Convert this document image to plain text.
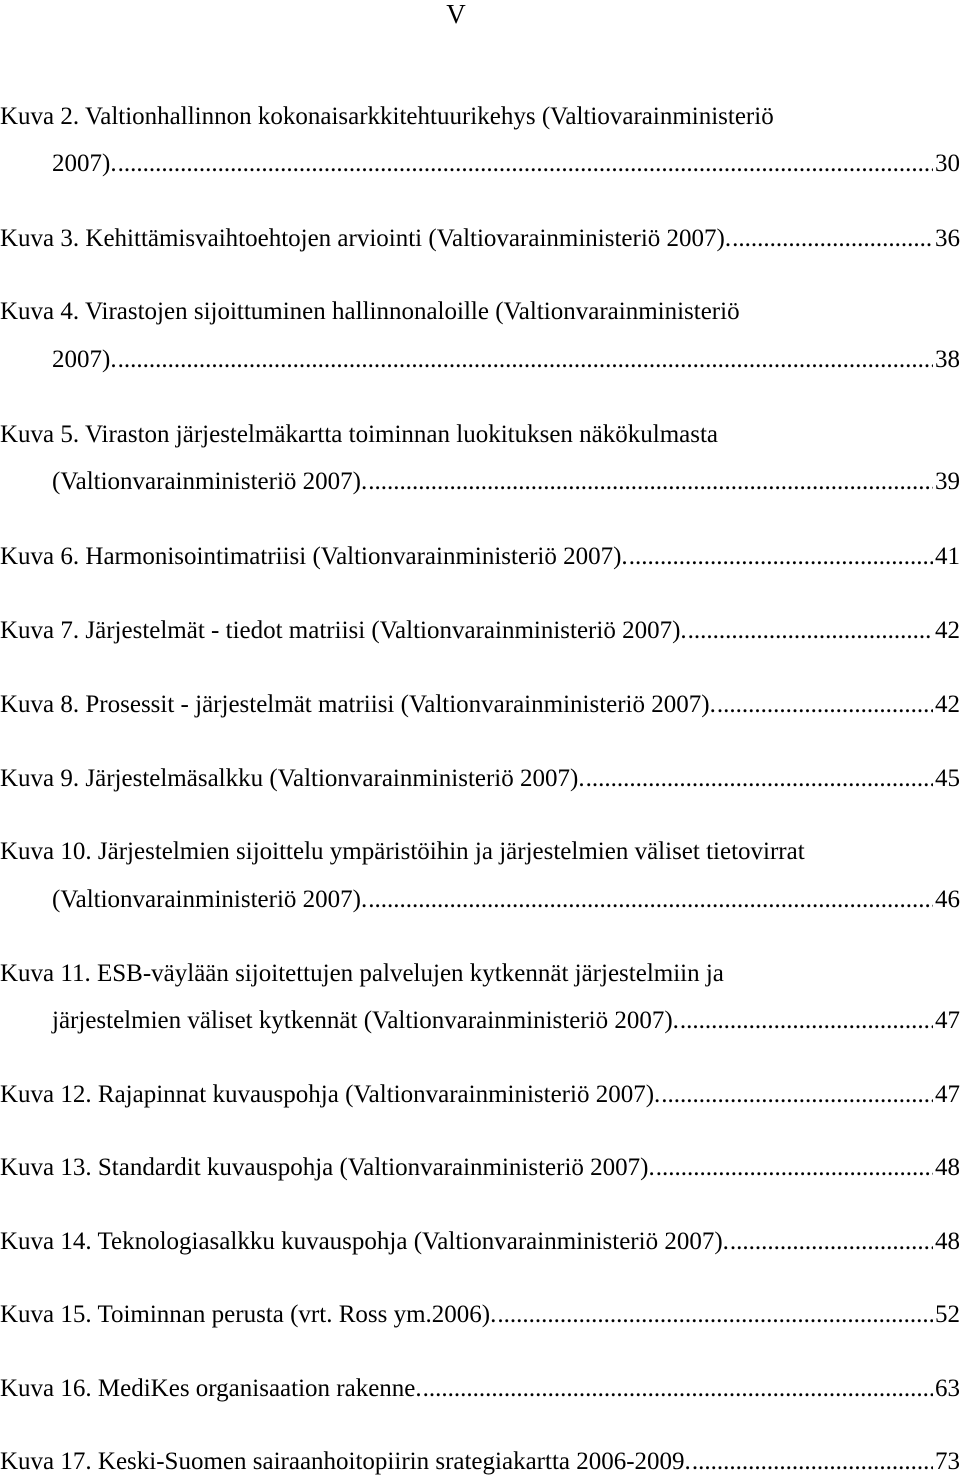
V
Kuva 2. Valtionhallinnon kokonaisarkkitehtuurikehys (Valtiovarainministeriö
2007). .....	30
Kuva 3. Kehittämisvaihtoehtojen arviointi (Valtiovarainministeriö 2007). .....	36
Kuva 4. Virastojen sijoittuminen hallinnonaloille (Valtionvarainministeriö
2007). .....	38
Kuva 5. Viraston järjestelmäkartta toiminnan luokituksen näkökulmasta
(Valtionvarainministeriö 2007). .....	39
Kuva 6. Harmonisointimatriisi (Valtionvarainministeriö 2007). .....	41
Kuva 7. Järjestelmät - tiedot matriisi (Valtionvarainministeriö 2007). .....	42
Kuva 8. Prosessit - järjestelmät matriisi (Valtionvarainministeriö 2007). .....	42
Kuva 9. Järjestelmäsalkku (Valtionvarainministeriö 2007). .....	45
Kuva 10. Järjestelmien sijoittelu ympäristöihin ja järjestelmien väliset tietovirrat
(Valtionvarainministeriö 2007). .....	46
Kuva 11. ESB-väylään sijoitettujen palvelujen kytkennät järjestelmiin ja
järjestelmien väliset kytkennät (Valtionvarainministeriö 2007). .....	47
Kuva 12. Rajapinnat kuvauspohja (Valtionvarainministeriö 2007). .....	47
Kuva 13. Standardit kuvauspohja (Valtionvarainministeriö 2007). .....	48
Kuva 14. Teknologiasalkku kuvauspohja (Valtionvarainministeriö 2007). .....	48
Kuva 15. Toiminnan perusta (vrt. Ross ym.2006). .....	52
Kuva 16. MediKes organisaation rakenne. .....	63
Kuva 17. Keski-Suomen sairaanhoitopiirin srategiakartta 2006-2009. .....	73
